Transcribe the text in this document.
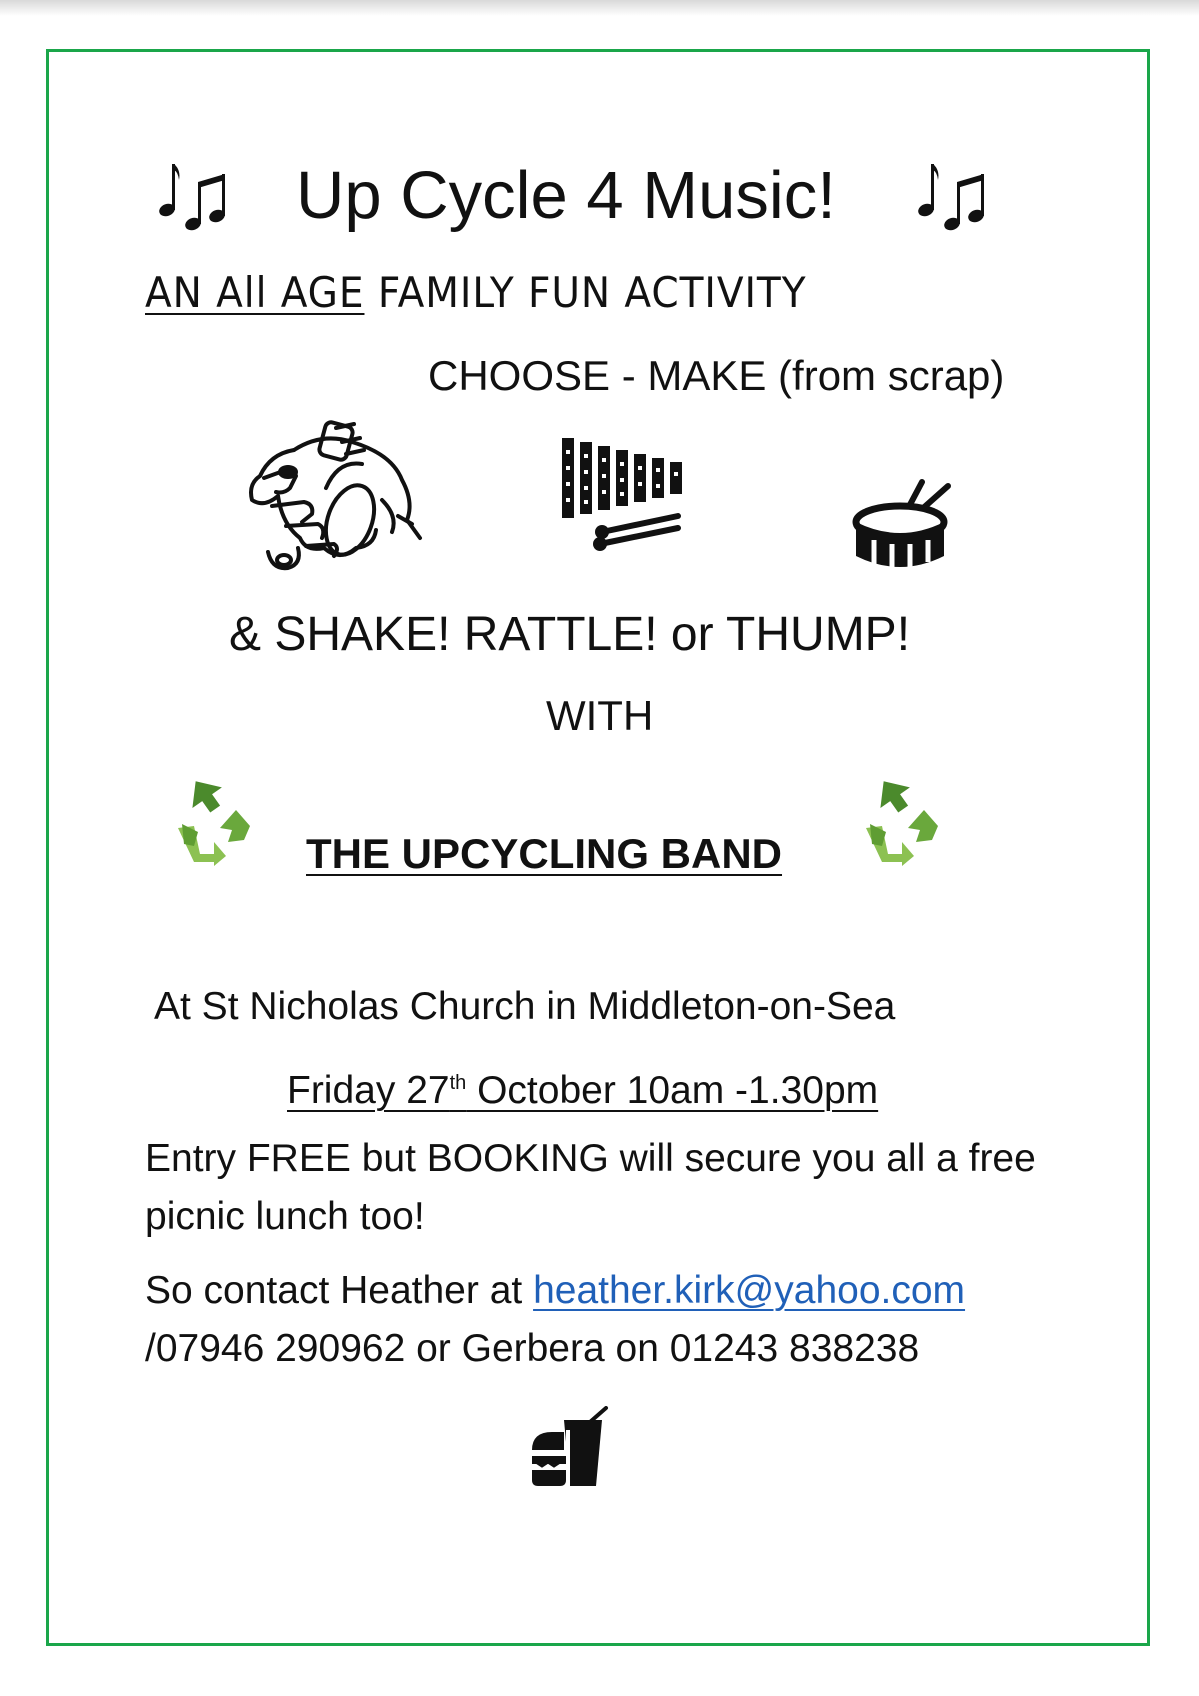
Up Cycle 4 Music!
AN All AGE FAMILY FUN ACTIVITY
CHOOSE - MAKE (from scrap)
& SHAKE! RATTLE! or THUMP!
WITH
THE UPCYCLING BAND
At St Nicholas Church in Middleton-on-Sea
Friday 27th October 10am -1.30pm
Entry FREE but BOOKING will secure you all a free
picnic lunch too!
So contact Heather at heather.kirk@yahoo.com
/07946 290962 or Gerbera on 01243 838238
